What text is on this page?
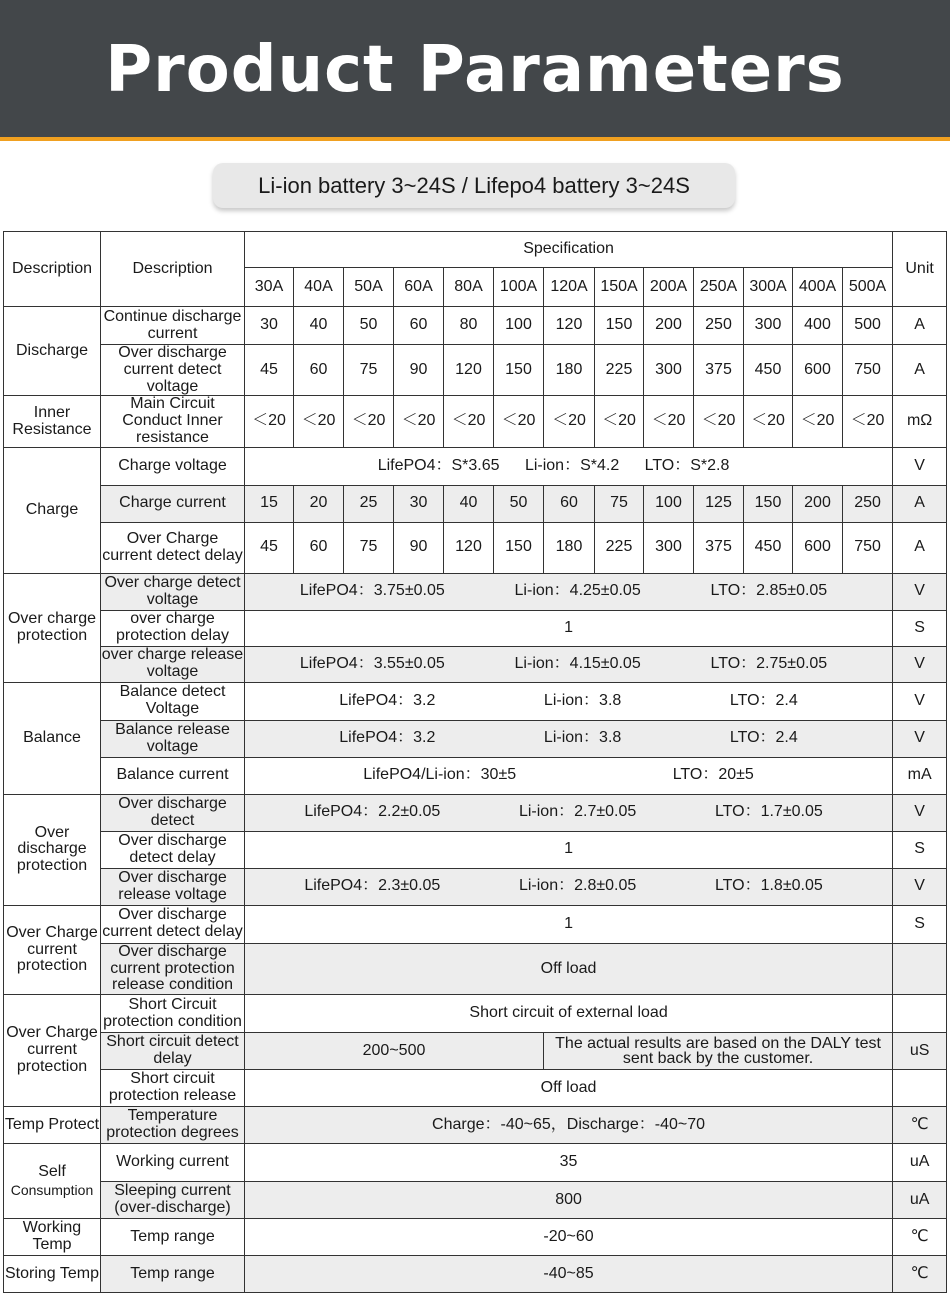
Product Parameters
Li-ion battery 3~24S / Lifepo4 battery 3~24S
Description	Description	Specification													Unit
		30A	40A	50A	60A	80A	100A	120A	150A	200A	250A	300A	400A	500A	
Discharge	Continue discharge current	30	40	50	60	80	100	120	150	200	250	300	400	500	A
	Over discharge current detect voltage	45	60	75	90	120	150	180	225	300	375	450	600	750	A
Inner Resistance	Main Circuit Conduct Inner resistance	＜20	＜20	＜20	＜20	＜20	＜20	＜20	＜20	＜20	＜20	＜20	＜20	＜20	mΩ
Charge	Charge voltage	LifePO4：S*3.65 Li-ion：S*4.2 LTO：S*2.8													V
	Charge current	15	20	25	30	40	50	60	75	100	125	150	200	250	A
	Over Charge current detect delay	45	60	75	90	120	150	180	225	300	375	450	600	750	A
Over charge protection	Over charge detect voltage	LifePO4：3.75±0.05 Li-ion：4.25±0.05 LTO：2.85±0.05													V
	over charge protection delay	1													S
	over charge release voltage	LifePO4：3.55±0.05 Li-ion：4.15±0.05 LTO：2.75±0.05													V
Balance	Balance detect Voltage	LifePO4：3.2 Li-ion：3.8 LTO：2.4													V
	Balance release voltage	LifePO4：3.2 Li-ion：3.8 LTO：2.4													V
	Balance current	LifePO4/Li-ion：30±5 LTO：20±5													mA
Over discharge protection	Over discharge detect	LifePO4：2.2±0.05 Li-ion：2.7±0.05 LTO：1.7±0.05													V
	Over discharge detect delay	1													S
	Over discharge release voltage	LifePO4：2.3±0.05 Li-ion：2.8±0.05 LTO：1.8±0.05													V
Over Charge current protection	Over discharge current detect delay	1													S
	Over discharge current protection release condition	Off load													
Over Charge current protection	Short Circuit protection condition	Short circuit of external load													
	Short circuit detect delay	200~500						The actual results are based on the DALY test sent back by the customer.							uS
	Short circuit protection release	Off load													
Temp Protect	Temperature protection degrees	Charge：-40~65，Discharge：-40~70													℃

Self
Consumption	Working current	35													uA
	Sleeping current (over-discharge)	800													uA
Working Temp	Temp range	-20~60													℃
Storing Temp	Temp range	-40~85													℃
